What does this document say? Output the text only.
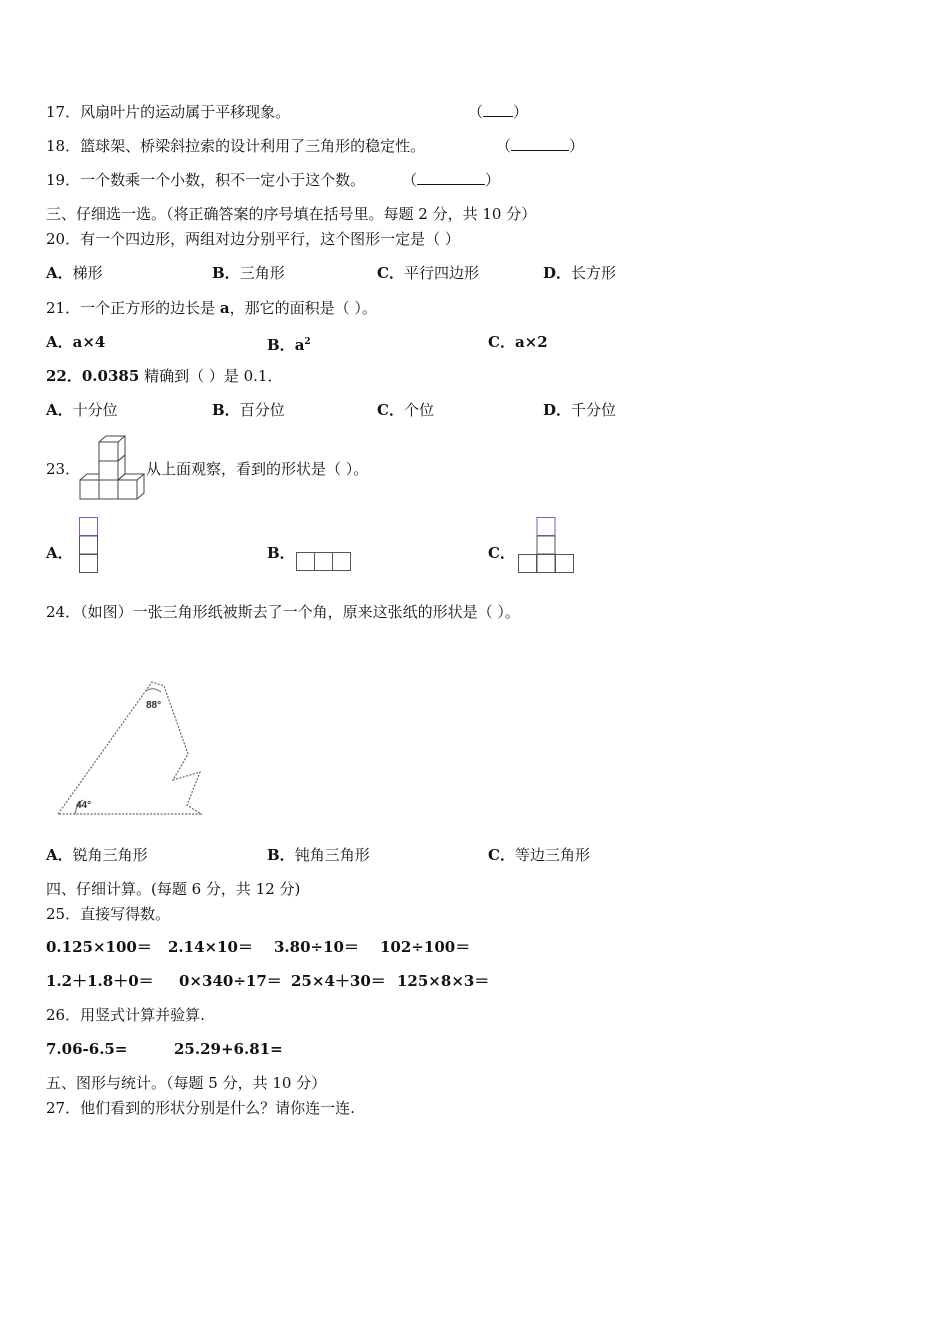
17．风扇叶片的运动属于平移现象。	（ ）
18．篮球架、桥梁斜拉索的设计利用了三角形的稳定性。	（	）
19．一个数乘一个小数，积不一定小于这个数。 （	）
三、仔细选一选。（将正确答案的序号填在括号里。每题 2 分，共 10 分）
20．有一个四边形，两组对边分别平行，这个图形一定是（ ）
A．梯形	B．三角形	C．平行四边形	D．长方形
21．一个正方形的边长是 a，那它的面积是（ ）。
A．a×4	B．$a^2$	C．a×2
22．0.0385 精确到（ ）是 0.1．
A．十分位	B．百分位	C．个位	D．千分位
23．	从上面观察，看到的形状是（ ）。
A．	B．	C．
24．（如图）一张三角形纸被斯去了一个角，原来这张纸的形状是（ ）。
88°
44°
A．锐角三角形	B．钝角三角形	C．等边三角形
四、仔细计算。(每题 6 分，共 12 分)
25．直接写得数。
0.125×100＝ 2.14×10＝ 3.80÷10＝ 102÷100＝
1.2＋1.8＋0＝ 0×340÷17＝ 25×4＋30＝ 125×8×3＝
26．用竖式计算并验算.
7.06-6.5=	25.29+6.81=
五、图形与统计。（每题 5 分，共 10 分）
27．他们看到的形状分别是什么？请你连一连.
